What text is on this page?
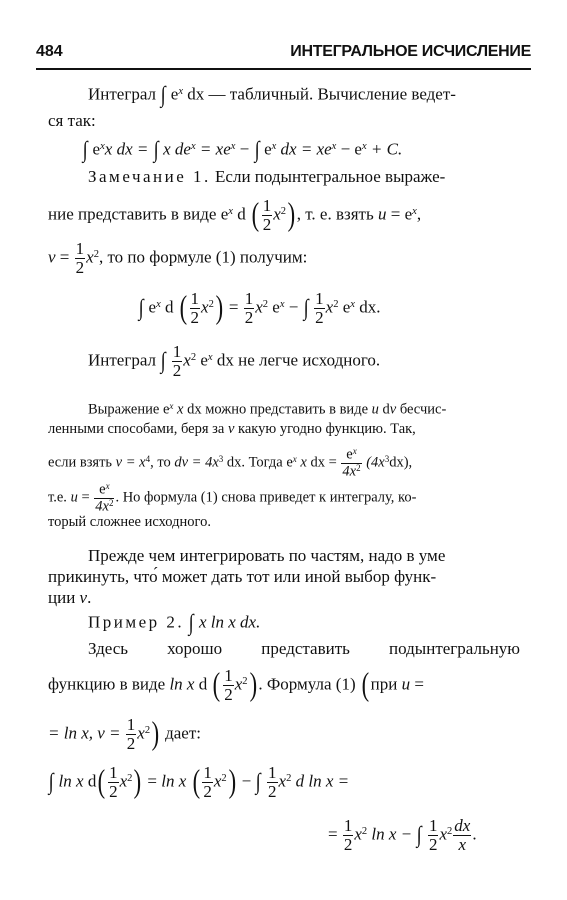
484	ИНТЕГРАЛЬНОЕ ИСЧИСЛЕНИЕ
Интеграл ∫ $e^x$ dx — табличный. Вычисление ведет-
ся так:
∫ $e^xx$ dx = ∫ x $de^x = xe^x$ − ∫ $e^x$ dx = $xe^x - e^x + C$.
Замечание 1. Если подынтегральное выраже-
ние представить в виде $e^x$ d ( $\frac{1}{2} x^2$), т. е. взять $u = e^x$,
$v = \frac{1}{2} x^2$, то по формуле (1) получим:
∫ $e^x$ d ( $\frac{1}{2} x^2) = \frac{1}{2} x^2$ $e^x$ − ∫ $\frac{1}{2} x^2$ $e^x$ dx.
Интеграл ∫ $\frac{1}{2} x^2$ $e^x$ dx не легче исходного.
Выражение $e^x$ x dx можно представить в виде u dv бесчис-
ленными способами, беря за v какую угодно функцию. Так,
если взять $v = x^4$, то dv = $4x^3$ dx. Тогда $e^x$ x dx = $\frac{e^x}{4x^2} (4x^3dx)$,
т.е. $u = \frac{e^x}{4x^2}$ . Но формула (1) снова приведет к интегралу, ко-
торый сложнее исходного.
Прежде чем интегрировать по частям, надо в уме
прикинуть, что́ может дать тот или иной выбор функ-
ции v.
Пример 2. ∫ x ln x dx.
Здесь хорошо представить подынтегральную
функцию в виде ln x d ( $\frac{1}{2} x^2$). Формула (1) (при u =
= ln x, $v = \frac{1}{2} x^2$) дает:
∫ ln x $d( \frac{1}{2} x^2) = \ln x$ ( $\frac{1}{2} x^2$) − ∫ $\frac{1}{2} x^2$ d ln x =
= $\frac{1}{2} x^2$ ln x − ∫ $\frac{1}{2} x^2 \frac{dx}{x}$ .
